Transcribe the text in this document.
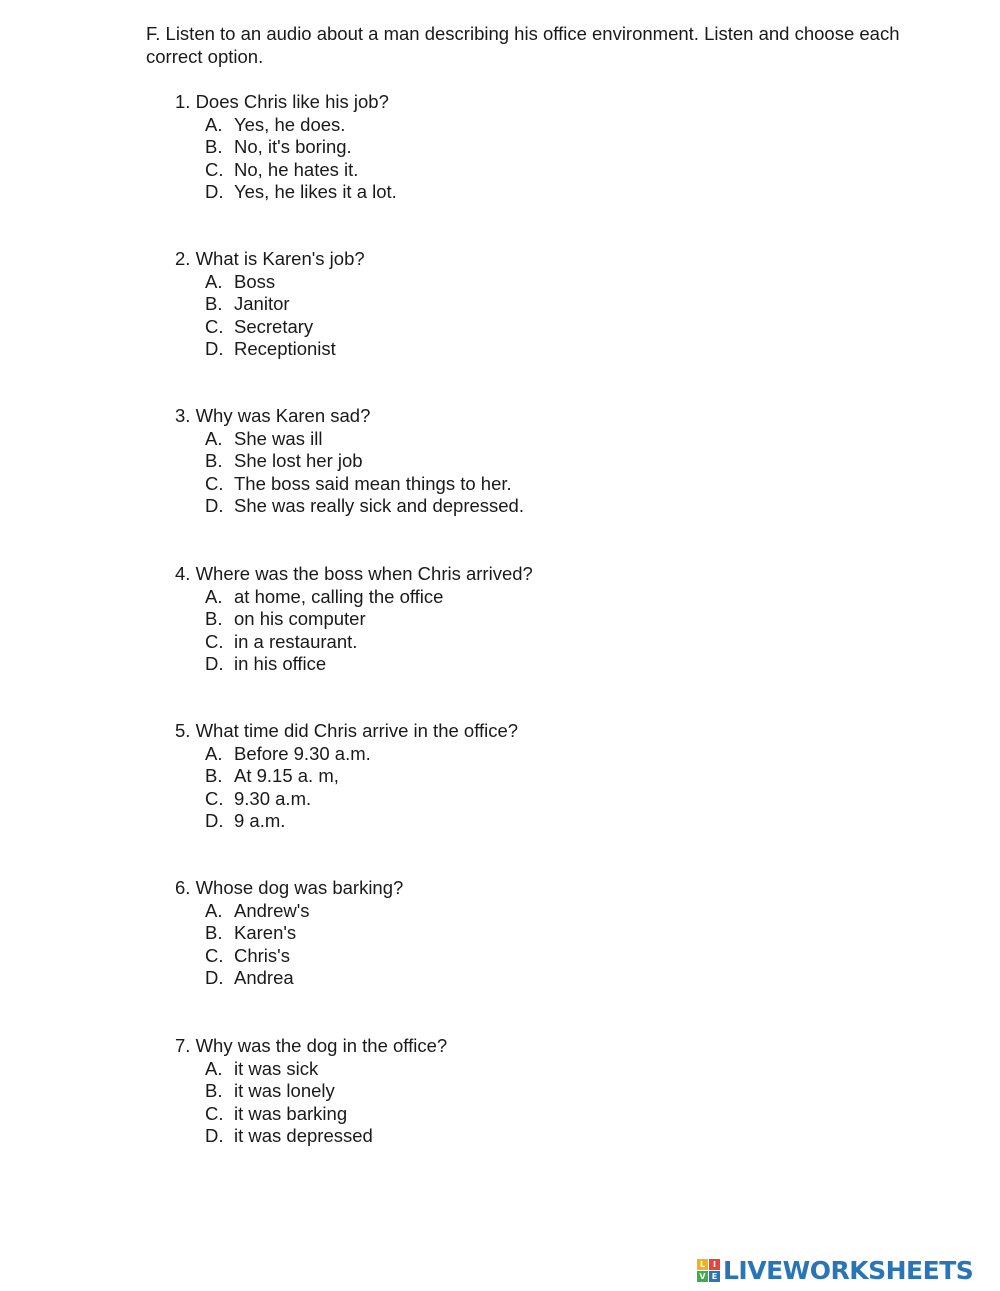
F. Listen to an audio about a man describing his office environment. Listen and choose each correct option.
1. Does Chris like his job?
A. Yes, he does.
B. No, it's boring.
C. No, he hates it.
D. Yes, he likes it a lot.
2. What is Karen's job?
A. Boss
B. Janitor
C. Secretary
D. Receptionist
3. Why was Karen sad?
A. She was ill
B. She lost her job
C. The boss said mean things to her.
D. She was really sick and depressed.
4. Where was the boss when Chris arrived?
A. at home, calling the office
B. on his computer
C. in a restaurant.
D. in his office
5. What time did Chris arrive in the office?
A. Before 9.30 a.m.
B. At 9.15 a. m,
C. 9.30 a.m.
D. 9 a.m.
6. Whose dog was barking?
A. Andrew's
B. Karen's
C. Chris's
D. Andrea
7. Why was the dog in the office?
A. it was sick
B. it was lonely
C. it was barking
D. it was depressed
L I
V E LIVEWORKSHEETS
